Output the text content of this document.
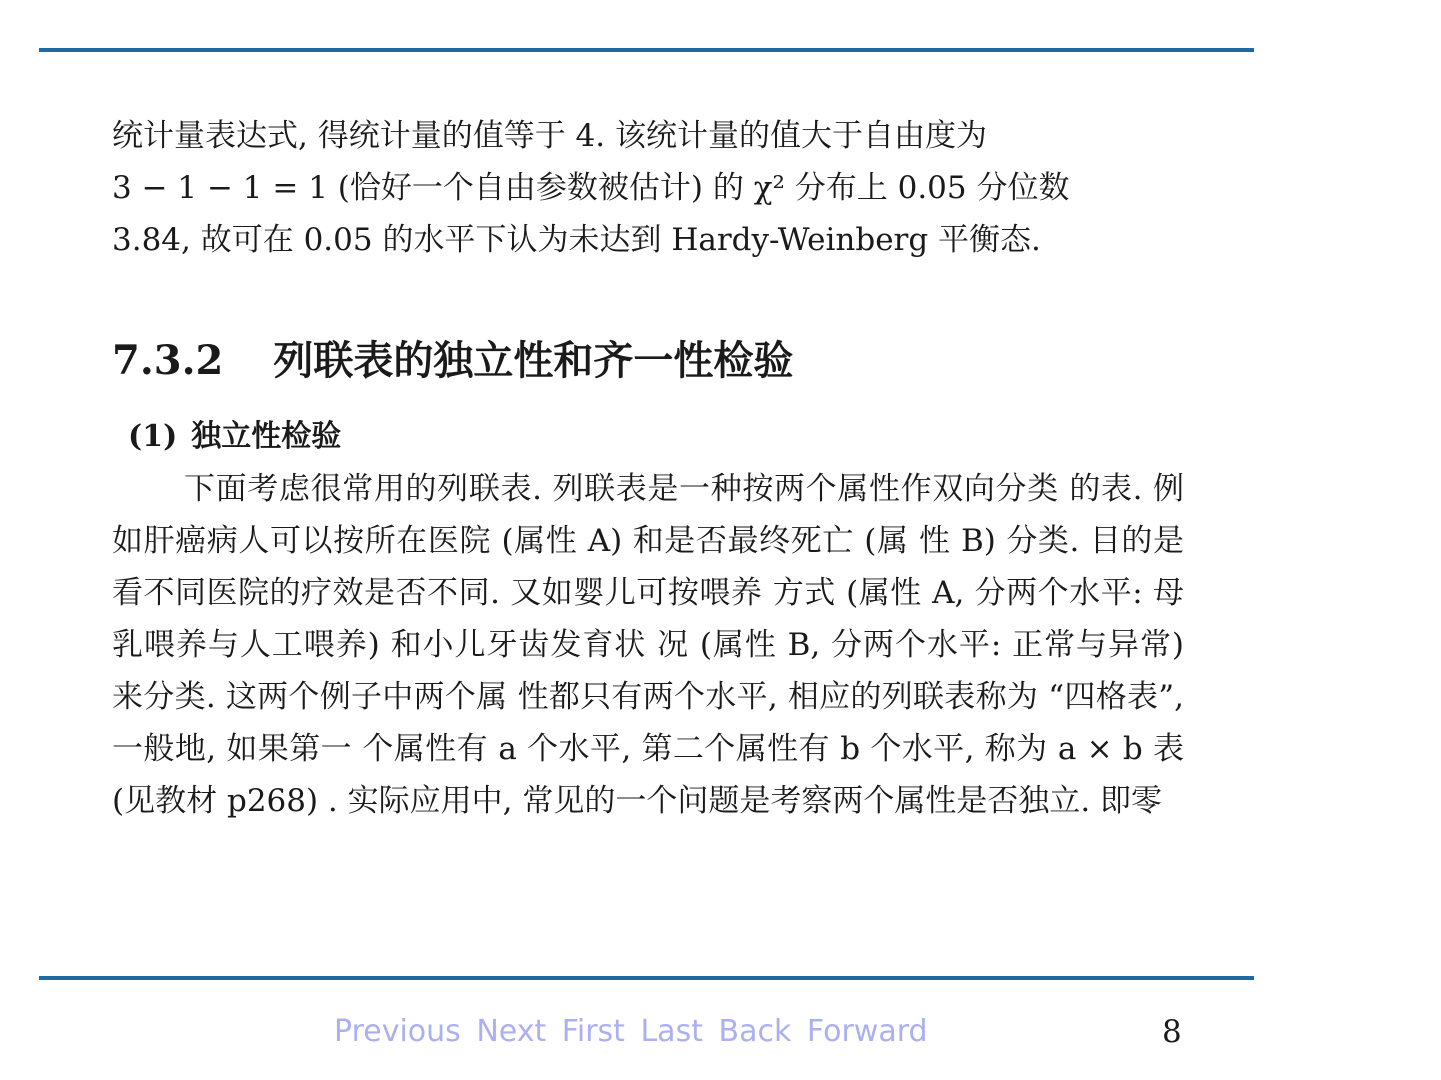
统计量表达式, 得统计量的值等于 4. 该统计量的值大于自由度为
3 − 1 − 1 = 1 (恰好一个自由参数被估计) 的 χ² 分布上 0.05 分位数
3.84, 故可在 0.05 的水平下认为未达到 Hardy-Weinberg 平衡态.

7.3.2 列联表的独立性和齐一性检验
(1) 独立性检验

下面考虑很常用的列联表. 列联表是一种按两个属性作双向分类 的表. 例如肝癌病人可以按所在医院 (属性 A) 和是否最终死亡 (属 性 B) 分类. 目的是看不同医院的疗效是否不同. 又如婴儿可按喂养 方式 (属性 A, 分两个水平: 母乳喂养与人工喂养) 和小儿牙齿发育状 况 (属性 B, 分两个水平: 正常与异常) 来分类. 这两个例子中两个属 性都只有两个水平, 相应的列联表称为 “四格表”, 一般地, 如果第一 个属性有 a 个水平, 第二个属性有 b 个水平, 称为 a × b 表 (见教材 p268) . 实际应用中, 常见的一个问题是考察两个属性是否独立. 即零

Previous Next First Last Back Forward	8
